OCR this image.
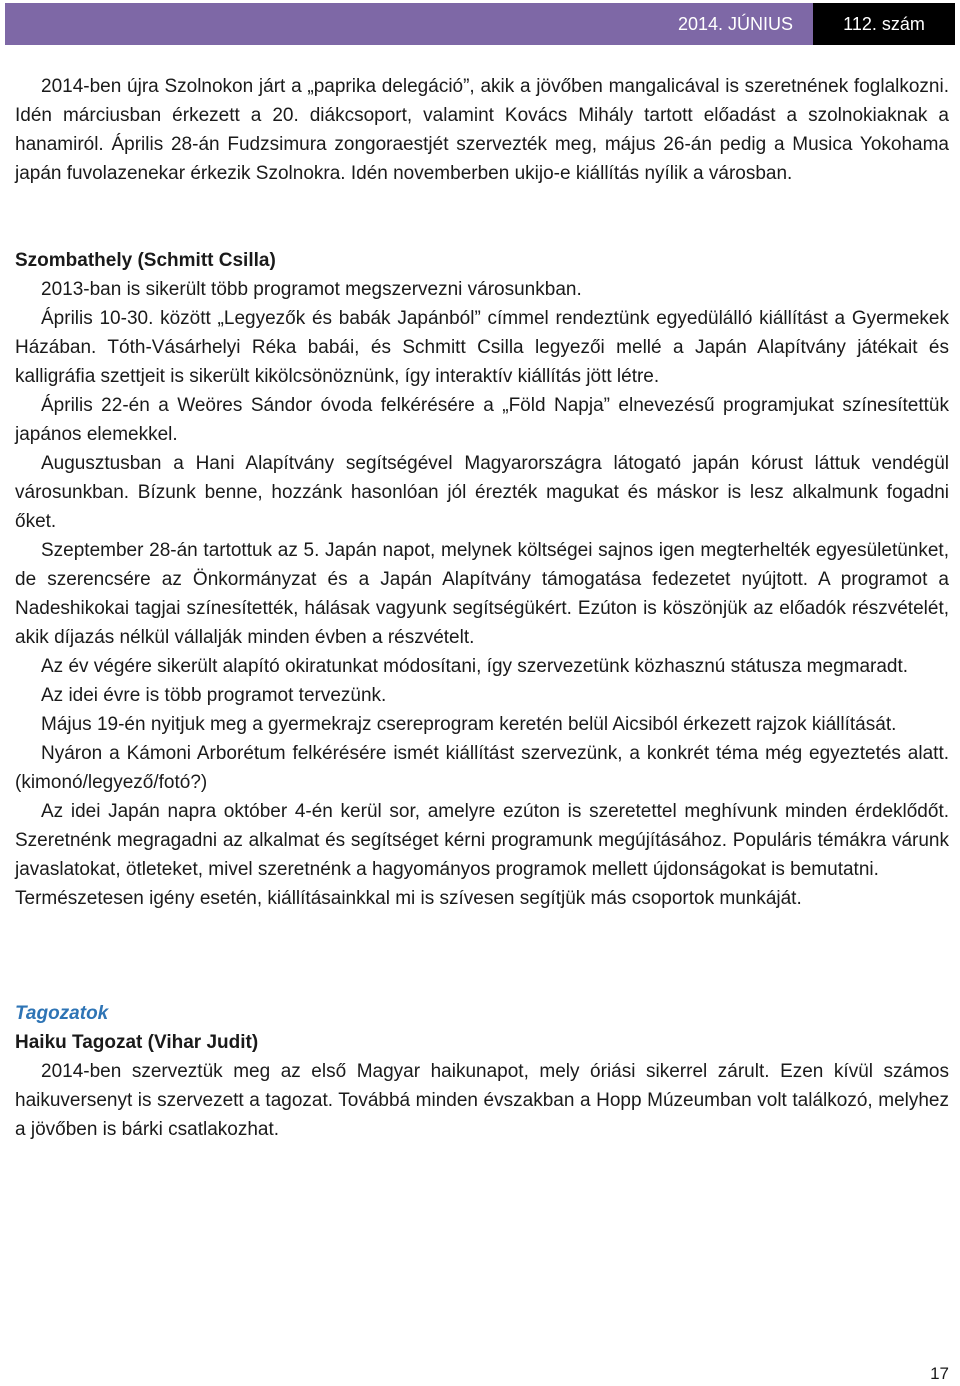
2014. JÚNIUS	112. szám

2014-ben újra Szolnokon járt a „paprika delegáció”, akik a jövőben mangalicával is szeretnének foglalkozni. Idén márciusban érkezett a 20. diákcsoport, valamint Kovács Mihály tartott előadást a szolnokiaknak a hanamiról. Április 28-án Fudzsimura zongoraestjét szervezték meg, május 26-án pedig a Musica Yokohama japán fuvolazenekar érkezik Szolnokra. Idén novemberben ukijo-e kiállítás nyílik a városban.

Szombathely (Schmitt Csilla)

2013-ban is sikerült több programot megszervezni városunkban.

Április 10-30. között „Legyezők és babák Japánból” címmel rendeztünk egyedülálló kiállítást a Gyermekek Házában. Tóth-Vásárhelyi Réka babái, és Schmitt Csilla legyezői mellé a Japán Alapítvány játékait és kalligráfia szettjeit is sikerült kikölcsönöznünk, így interaktív kiállítás jött létre.

Április 22-én a Weöres Sándor óvoda felkérésére a „Föld Napja” elnevezésű programjukat színesítettük japános elemekkel.

Augusztusban a Hani Alapítvány segítségével Magyarországra látogató japán kórust láttuk vendégül városunkban. Bízunk benne, hozzánk hasonlóan jól érezték magukat és máskor is lesz alkalmunk fogadni őket.

Szeptember 28-án tartottuk az 5. Japán napot, melynek költségei sajnos igen megterhelték egyesületünket, de szerencsére az Önkormányzat és a Japán Alapítvány támogatása fedezetet nyújtott. A programot a Nadeshikokai tagjai színesítették, hálásak vagyunk segítségükért. Ezúton is köszönjük az előadók részvételét, akik díjazás nélkül vállalják minden évben a részvételt.

Az év végére sikerült alapító okiratunkat módosítani, így szervezetünk közhasznú státusza megmaradt.

Az idei évre is több programot tervezünk.

Május 19-én nyitjuk meg a gyermekrajz csereprogram keretén belül Aicsiból érkezett rajzok kiállítását.

Nyáron a Kámoni Arborétum felkérésére ismét kiállítást szervezünk, a konkrét téma még egyeztetés alatt. (kimonó/legyező/fotó?)

Az idei Japán napra október 4-én kerül sor, amelyre ezúton is szeretettel meghívunk minden érdeklődőt. Szeretnénk megragadni az alkalmat és segítséget kérni programunk megújításához. Populáris témákra várunk javaslatokat, ötleteket, mivel szeretnénk a hagyományos programok mellett újdonságokat is bemutatni.

Természetesen igény esetén, kiállításainkkal mi is szívesen segítjük más csoportok munkáját.

Tagozatok

Haiku Tagozat (Vihar Judit)

2014-ben szerveztük meg az első Magyar haikunapot, mely óriási sikerrel zárult. Ezen kívül számos haikuversenyt is szervezett a tagozat. Továbbá minden évszakban a Hopp Múzeumban volt találkozó, melyhez a jövőben is bárki csatlakozhat.

17
